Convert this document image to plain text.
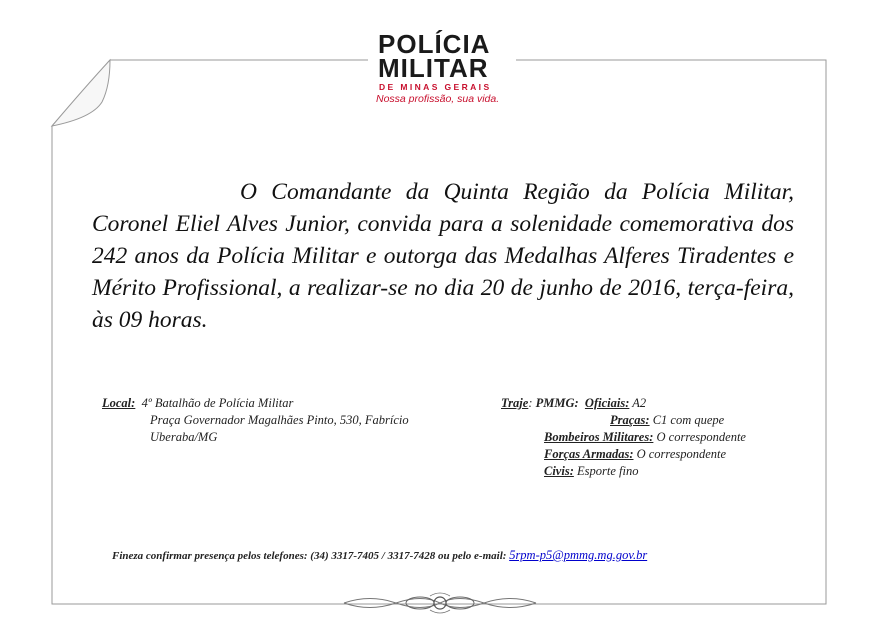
POLÍCIA
MILITAR
DE MINAS GERAIS
Nossa profissão, sua vida.
O Comandante da Quinta Região da Polícia Militar, Coronel Eliel Alves Junior, convida para a solenidade comemorativa dos 242 anos da Polícia Militar e outorga das Medalhas Alferes Tiradentes e Mérito Profissional, a realizar-se no dia 20 de junho de 2016, terça-feira, às 09 horas.
Local: 4º Batalhão de Polícia Militar
Praça Governador Magalhães Pinto, 530, Fabrício
Uberaba/MG
Traje: PMMG: Oficiais: A2
Praças: C1 com quepe
Bombeiros Militares: O correspondente
Forças Armadas: O correspondente
Civis: Esporte fino
Fineza confirmar presença pelos telefones: (34) 3317-7405 / 3317-7428 ou pelo e-mail: 5rpm-p5@pmmg.mg.gov.br
